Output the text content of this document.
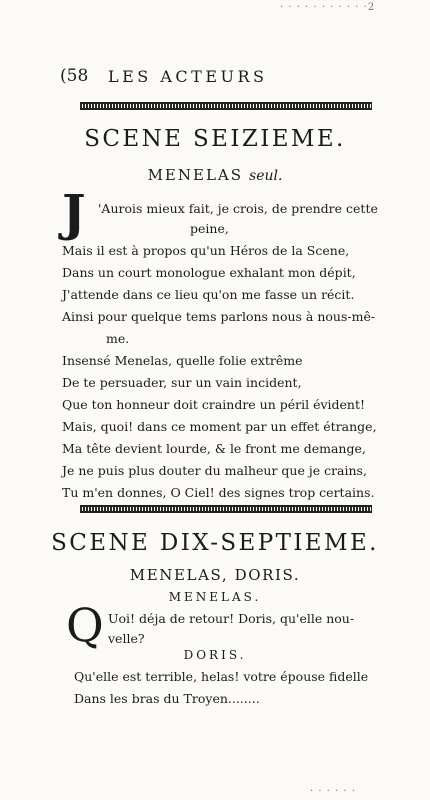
· · · · · · · · · · ·2
(58 LES ACTEURS
SCENE SEIZIEME.
MENELAS seul.
J 'Aurois mieux fait, je crois, de prendre cette
peine,
Mais il est à propos qu'un Héros de la Scene,
Dans un court monologue exhalant mon dépit,
J'attende dans ce lieu qu'on me fasse un récit.
Ainsi pour quelque tems parlons nous à nous-mê-
me.
Insensé Menelas, quelle folie extrême
De te persuader, sur un vain incident,
Que ton honneur doit craindre un péril évident!
Mais, quoi! dans ce moment par un effet étrange,
Ma tête devient lourde, & le front me demange,
Je ne puis plus douter du malheur que je crains,
Tu m'en donnes, O Ciel! des signes trop certains.
SCENE DIX-SEPTIEME.
MENELAS, DORIS.
MENELAS.
Q Uoi! déja de retour! Doris, qu'elle nou-
velle?
DORIS.
Qu'elle est terrible, helas! votre épouse fidelle
Dans les bras du Troyen........
· · · · · ·
